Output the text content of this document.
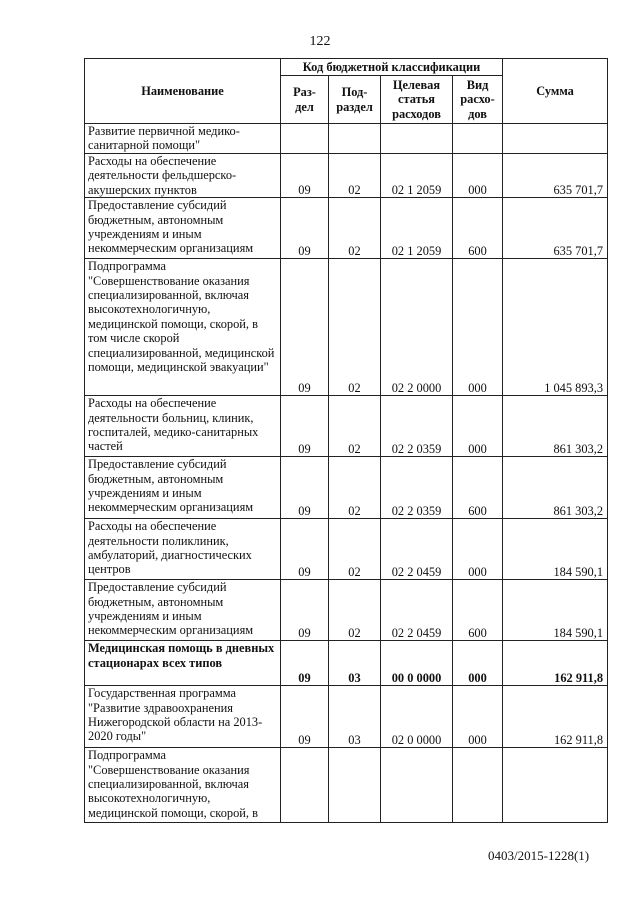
122
Наименование	Код бюджетной классификации				Сумма
	Раз-дел	Под-раздел	Целевая статья расходов	Вид расхо-дов	
Развитие первичной медико-санитарной помощи"					
Расходы на обеспечение деятельности фельдшерско-акушерских пунктов	09	02	02 1 2059	000	635 701,7
Предоставление субсидий бюджетным, автономным учреждениям и иным некоммерческим организациям	09	02	02 1 2059	600	635 701,7
Подпрограмма "Совершенствование оказания специализированной, включая высокотехнологичную, медицинской помощи, скорой, в том числе скорой специализированной, медицинской помощи, медицинской эвакуации"	09	02	02 2 0000	000	1 045 893,3
Расходы на обеспечение деятельности больниц, клиник, госпиталей, медико-санитарных частей	09	02	02 2 0359	000	861 303,2
Предоставление субсидий бюджетным, автономным учреждениям и иным некоммерческим организациям	09	02	02 2 0359	600	861 303,2
Расходы на обеспечение деятельности поликлиник, амбулаторий, диагностических центров	09	02	02 2 0459	000	184 590,1
Предоставление субсидий бюджетным, автономным учреждениям и иным некоммерческим организациям	09	02	02 2 0459	600	184 590,1
Медицинская помощь в дневных стационарах всех типов	09	03	00 0 0000	000	162 911,8
Государственная программа "Развитие здравоохранения Нижегородской области на 2013-2020 годы"	09	03	02 0 0000	000	162 911,8
Подпрограмма "Совершенствование оказания специализированной, включая высокотехнологичную, медицинской помощи, скорой, в					
0403/2015-1228(1)
